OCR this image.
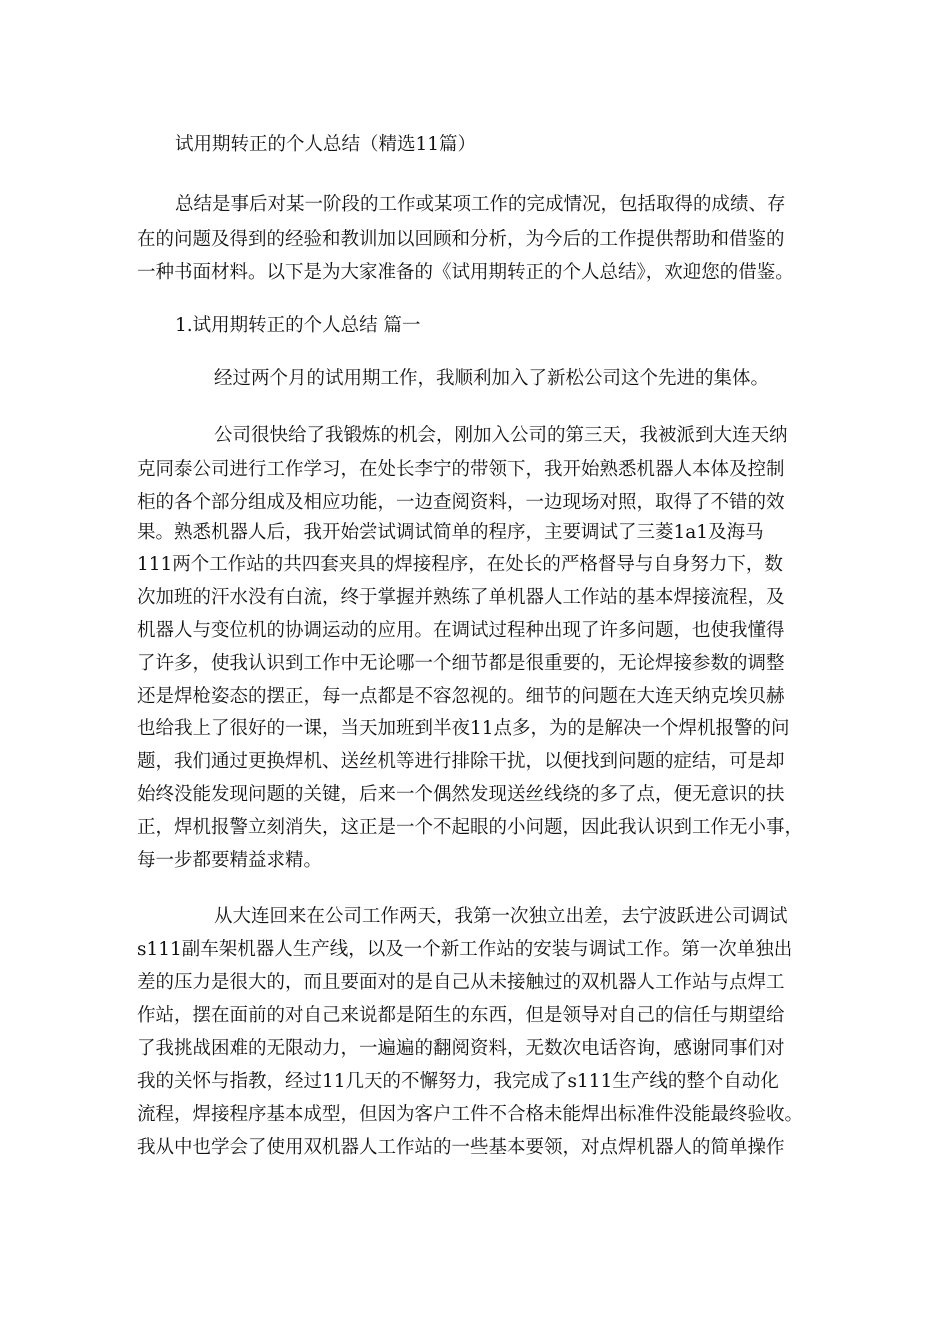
试用期转正的个人总结（精选11篇）
总结是事后对某一阶段的工作或某项工作的完成情况，包括取得的成绩、存
在的问题及得到的经验和教训加以回顾和分析，为今后的工作提供帮助和借鉴的
一种书面材料。以下是为大家准备的《试用期转正的个人总结》，欢迎您的借鉴。
1.试用期转正的个人总结 篇一
经过两个月的试用期工作，我顺利加入了新松公司这个先进的集体。
公司很快给了我锻炼的机会，刚加入公司的第三天，我被派到大连天纳
克同泰公司进行工作学习，在处长李宁的带领下，我开始熟悉机器人本体及控制
柜的各个部分组成及相应功能，一边查阅资料，一边现场对照，取得了不错的效
果。熟悉机器人后，我开始尝试调试简单的程序，主要调试了三菱1a1及海马
111两个工作站的共四套夹具的焊接程序，在处长的严格督导与自身努力下，数
次加班的汗水没有白流，终于掌握并熟练了单机器人工作站的基本焊接流程，及
机器人与变位机的协调运动的应用。在调试过程种出现了许多问题，也使我懂得
了许多，使我认识到工作中无论哪一个细节都是很重要的，无论焊接参数的调整
还是焊枪姿态的摆正，每一点都是不容忽视的。细节的问题在大连天纳克埃贝赫
也给我上了很好的一课，当天加班到半夜11点多，为的是解决一个焊机报警的问
题，我们通过更换焊机、送丝机等进行排除干扰，以便找到问题的症结，可是却
始终没能发现问题的关键，后来一个偶然发现送丝线绕的多了点，便无意识的扶
正，焊机报警立刻消失，这正是一个不起眼的小问题，因此我认识到工作无小事，
每一步都要精益求精。
从大连回来在公司工作两天，我第一次独立出差，去宁波跃进公司调试
s111副车架机器人生产线，以及一个新工作站的安装与调试工作。第一次单独出
差的压力是很大的，而且要面对的是自己从未接触过的双机器人工作站与点焊工
作站，摆在面前的对自己来说都是陌生的东西，但是领导对自己的信任与期望给
了我挑战困难的无限动力，一遍遍的翻阅资料，无数次电话咨询，感谢同事们对
我的关怀与指教，经过11几天的不懈努力，我完成了s111生产线的整个自动化
流程，焊接程序基本成型，但因为客户工件不合格未能焊出标准件没能最终验收。
我从中也学会了使用双机器人工作站的一些基本要领，对点焊机器人的简单操作
